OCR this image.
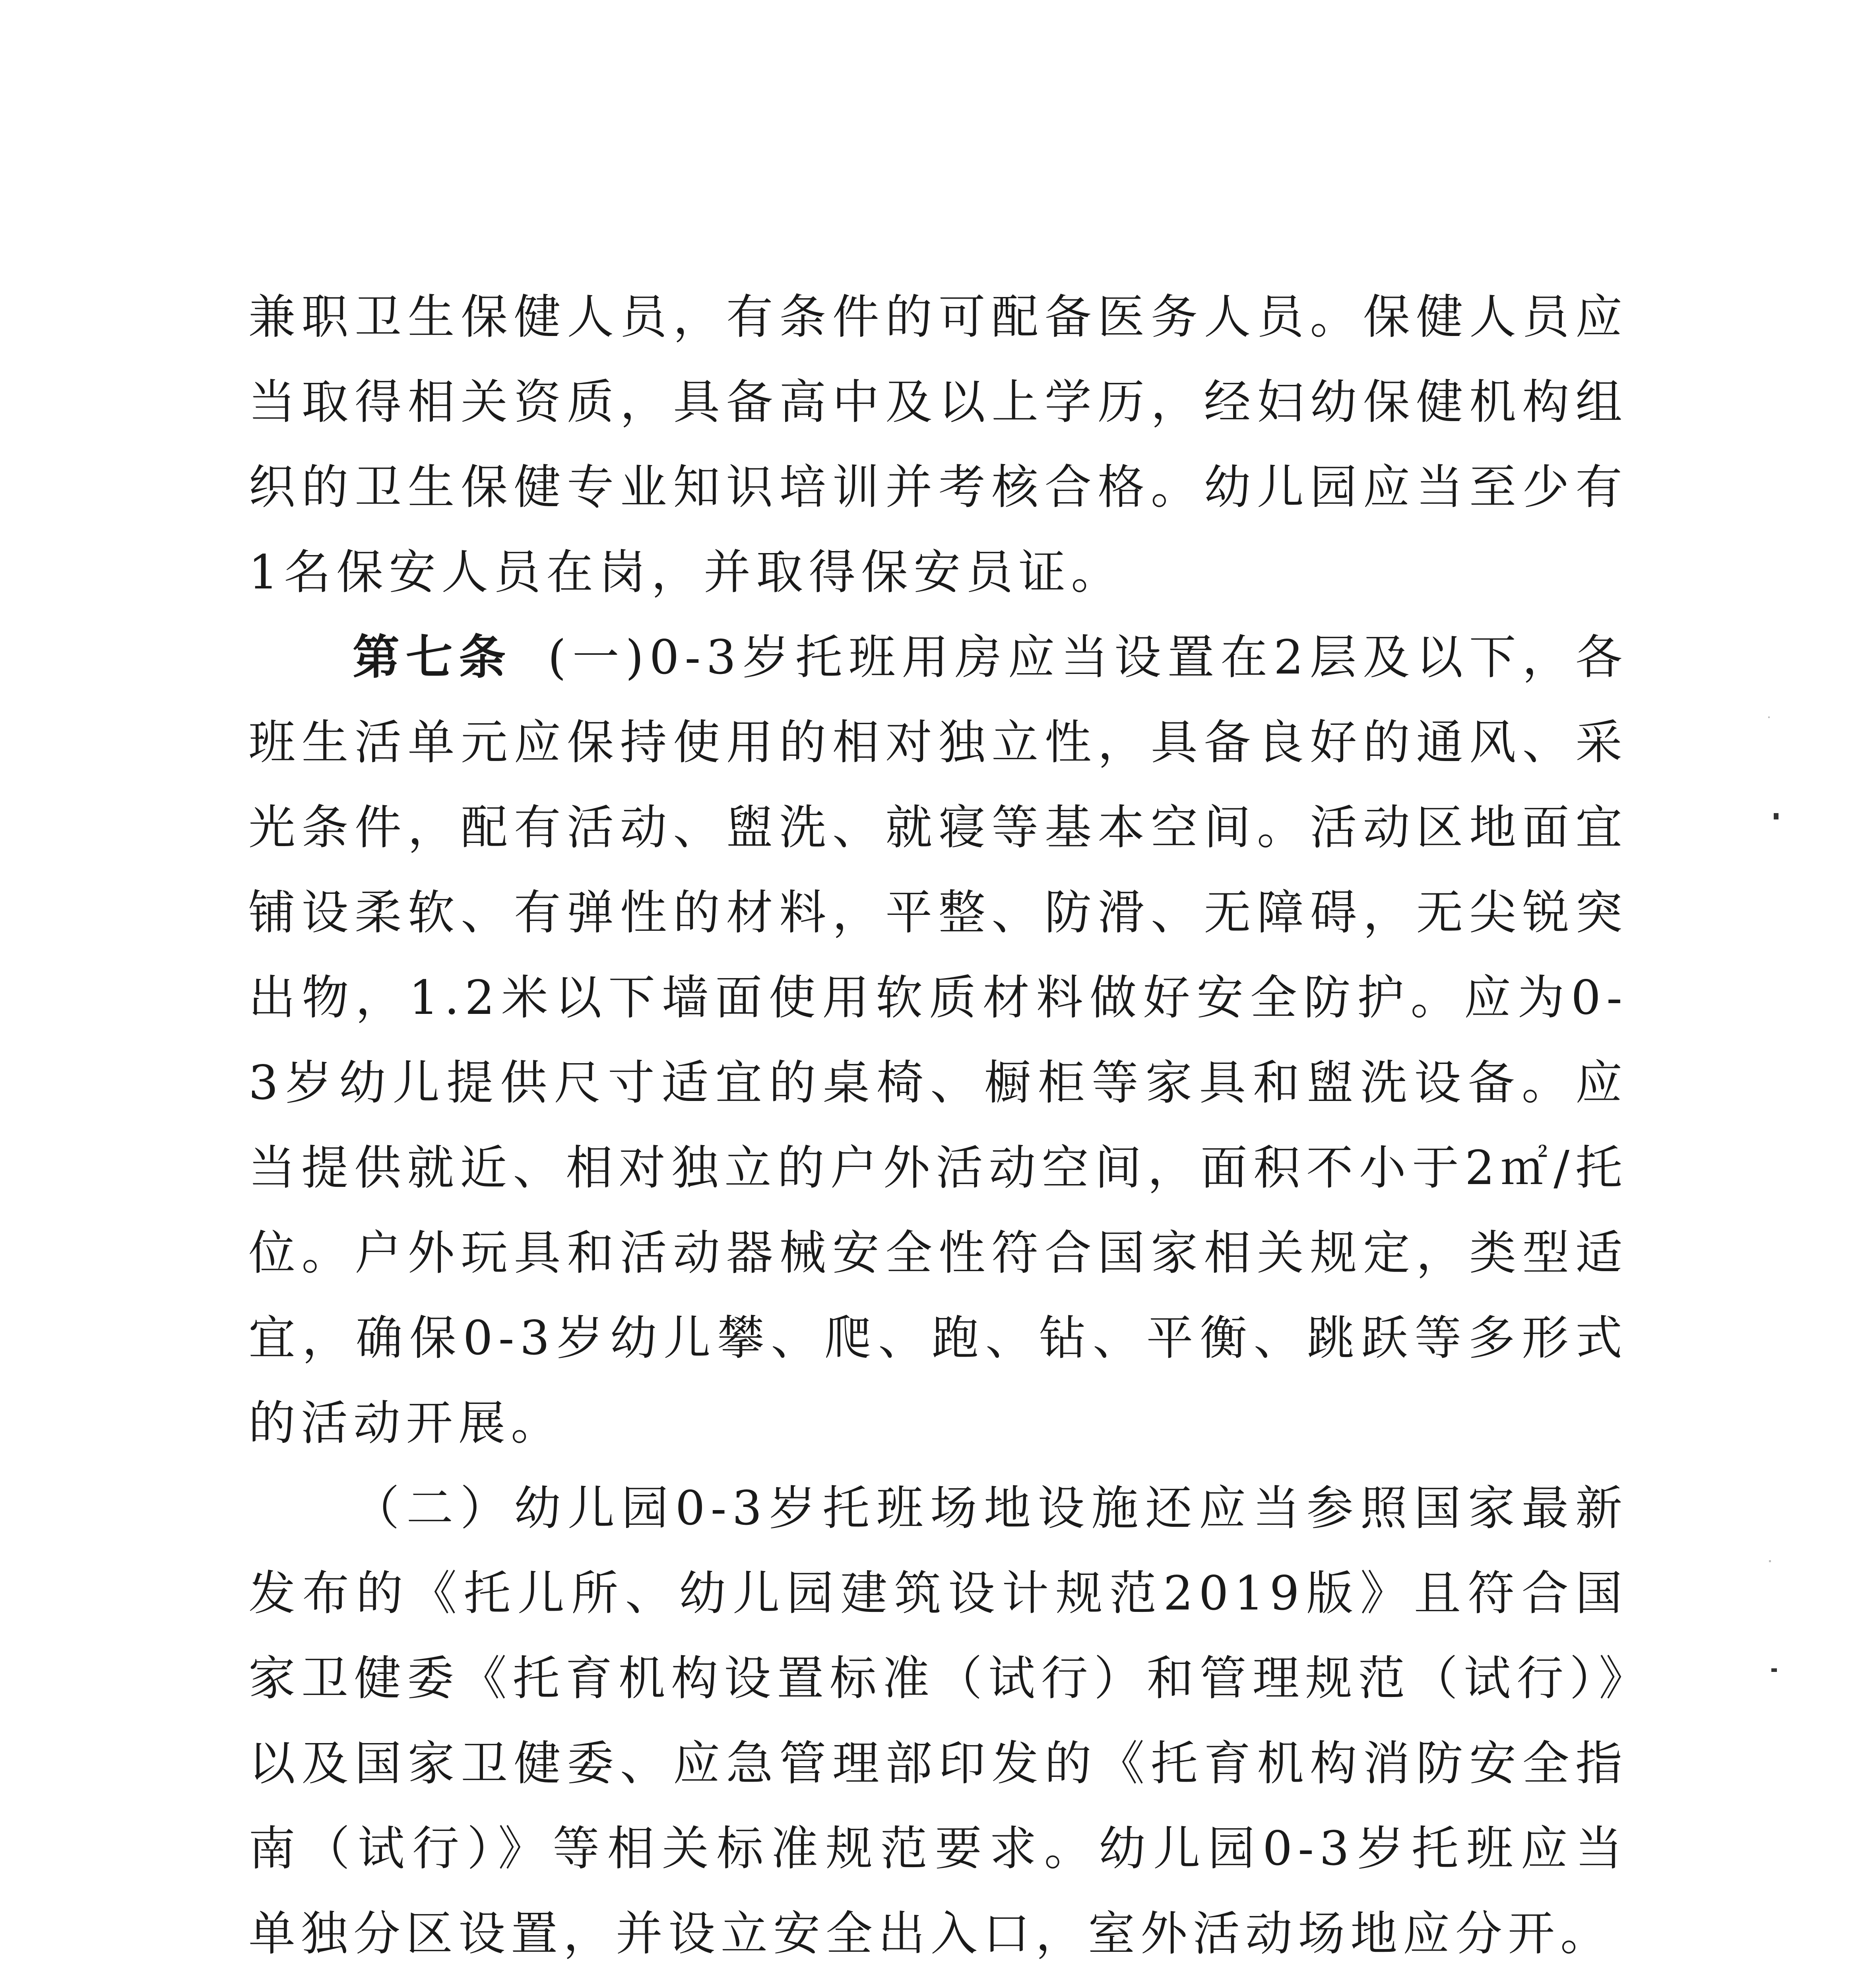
兼职卫生保健人员，有条件的可配备医务人员。保健人员应当取得相关资质，具备高中及以上学历，经妇幼保健机构组织的卫生保健专业知识培训并考核合格。幼儿园应当至少有1名保安人员在岗，并取得保安员证。

第七条 (一)0-3岁托班用房应当设置在2层及以下，各班生活单元应保持使用的相对独立性，具备良好的通风、采光条件，配有活动、盥洗、就寝等基本空间。活动区地面宜铺设柔软、有弹性的材料，平整、防滑、无障碍，无尖锐突出物，1.2米以下墙面使用软质材料做好安全防护。应为0-3岁幼儿提供尺寸适宜的桌椅、橱柜等家具和盥洗设备。应当提供就近、相对独立的户外活动空间，面积不小于2㎡/托位。户外玩具和活动器械安全性符合国家相关规定，类型适宜，确保0-3岁幼儿攀、爬、跑、钻、平衡、跳跃等多形式的活动开展。

（二）幼儿园0-3岁托班场地设施还应当参照国家最新发布的《托儿所、幼儿园建筑设计规范2019版》且符合国家卫健委《托育机构设置标准（试行）和管理规范（试行）》以及国家卫健委、应急管理部印发的《托育机构消防安全指南（试行）》等相关标准规范要求。幼儿园0-3岁托班应当单独分区设置，并设立安全出入口，室外活动场地应分开。
